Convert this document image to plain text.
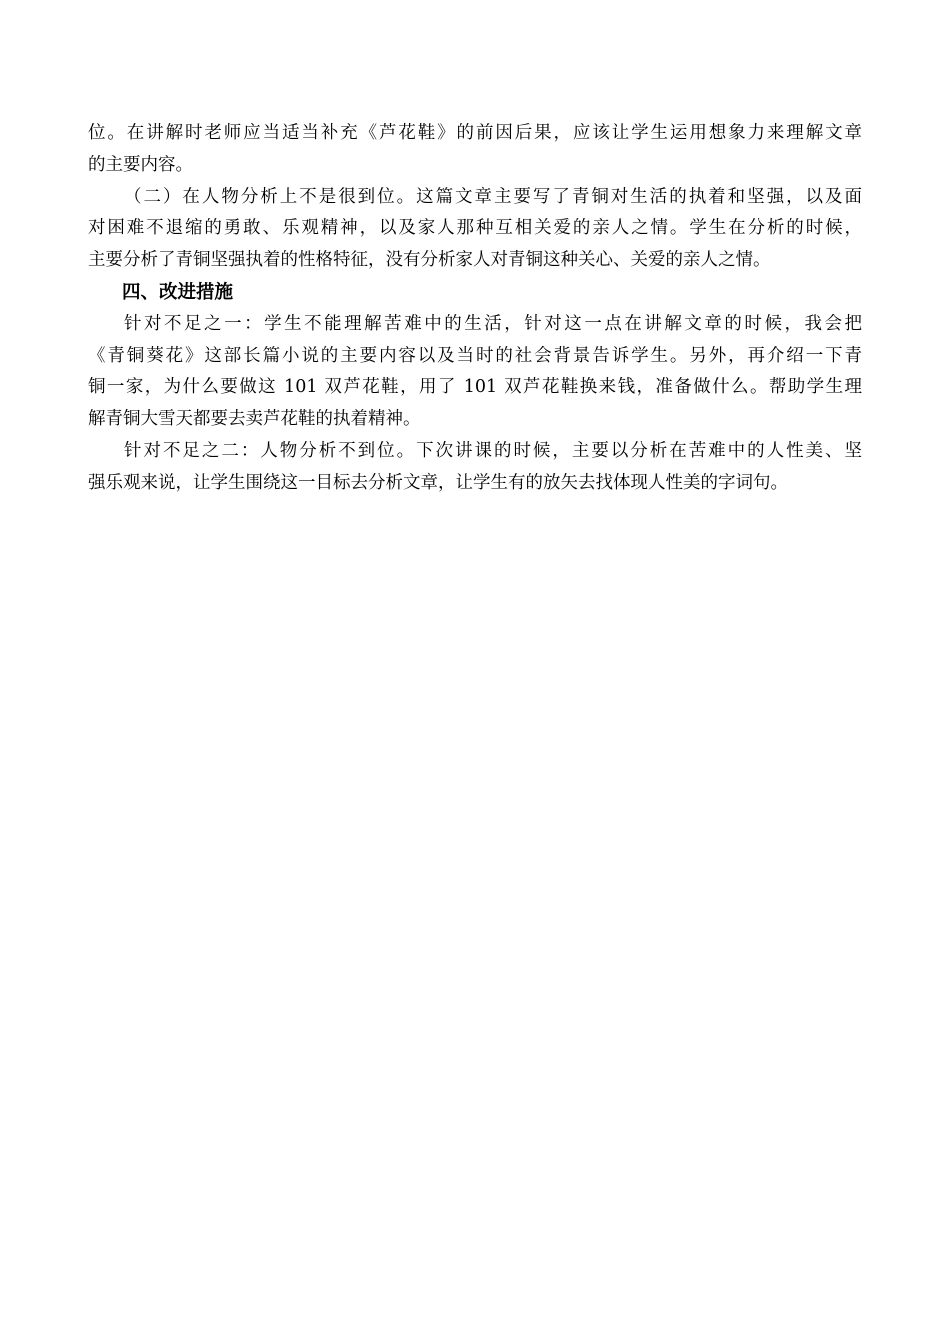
位。在讲解时老师应当适当补充《芦花鞋》的前因后果，应该让学生运用想象力来理解文章
的主要内容。
（二）在人物分析上不是很到位。这篇文章主要写了青铜对生活的执着和坚强，以及面
对困难不退缩的勇敢、乐观精神，以及家人那种互相关爱的亲人之情。学生在分析的时候，
主要分析了青铜坚强执着的性格特征，没有分析家人对青铜这种关心、关爱的亲人之情。
四、改进措施
针对不足之一：学生不能理解苦难中的生活，针对这一点在讲解文章的时候，我会把
《青铜葵花》这部长篇小说的主要内容以及当时的社会背景告诉学生。另外，再介绍一下青
铜一家，为什么要做这 101 双芦花鞋，用了 101 双芦花鞋换来钱，准备做什么。帮助学生理
解青铜大雪天都要去卖芦花鞋的执着精神。
针对不足之二：人物分析不到位。下次讲课的时候，主要以分析在苦难中的人性美、坚
强乐观来说，让学生围绕这一目标去分析文章，让学生有的放矢去找体现人性美的字词句。
